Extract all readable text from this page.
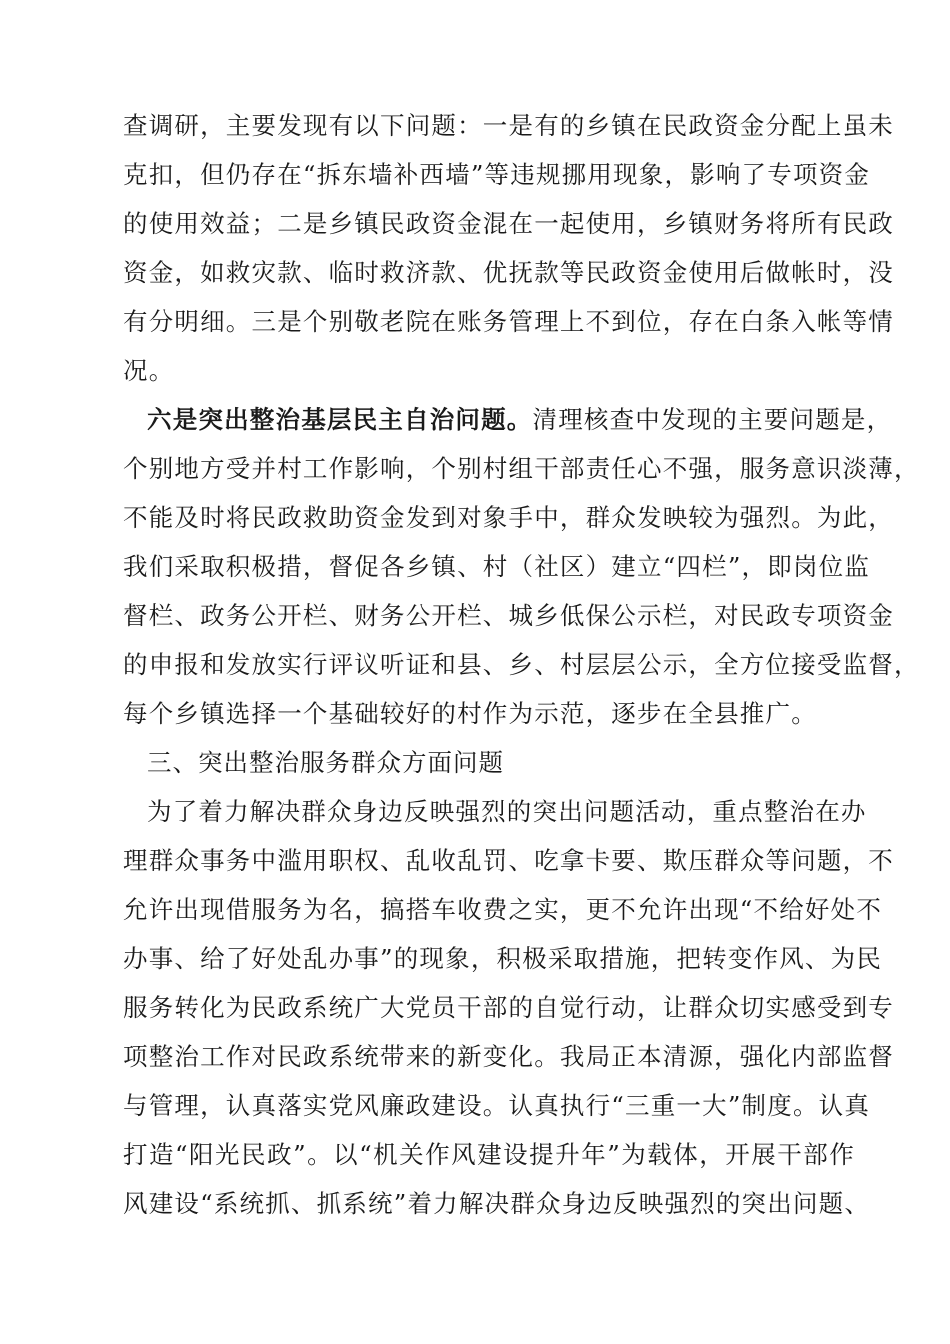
查调研，主要发现有以下问题：一是有的乡镇在民政资金分配上虽未
克扣，但仍存在“拆东墙补西墙”等违规挪用现象，影响了专项资金
的使用效益；二是乡镇民政资金混在一起使用，乡镇财务将所有民政
资金，如救灾款、临时救济款、优抚款等民政资金使用后做帐时，没
有分明细。三是个别敬老院在账务管理上不到位，存在白条入帐等情
况。
六是突出整治基层民主自治问题。清理核查中发现的主要问题是，
个别地方受并村工作影响，个别村组干部责任心不强，服务意识淡薄，
不能及时将民政救助资金发到对象手中，群众发映较为强烈。为此，
我们采取积极措，督促各乡镇、村（社区）建立“四栏”，即岗位监
督栏、政务公开栏、财务公开栏、城乡低保公示栏，对民政专项资金
的申报和发放实行评议听证和县、乡、村层层公示，全方位接受监督，
每个乡镇选择一个基础较好的村作为示范，逐步在全县推广。
三、突出整治服务群众方面问题
为了着力解决群众身边反映强烈的突出问题活动，重点整治在办
理群众事务中滥用职权、乱收乱罚、吃拿卡要、欺压群众等问题，不
允许出现借服务为名，搞搭车收费之实，更不允许出现“不给好处不
办事、给了好处乱办事”的现象，积极采取措施，把转变作风、为民
服务转化为民政系统广大党员干部的自觉行动，让群众切实感受到专
项整治工作对民政系统带来的新变化。我局正本清源，强化内部监督
与管理，认真落实党风廉政建设。认真执行“三重一大”制度。认真
打造“阳光民政”。以“机关作风建设提升年”为载体，开展干部作
风建设“系统抓、抓系统”着力解决群众身边反映强烈的突出问题、
